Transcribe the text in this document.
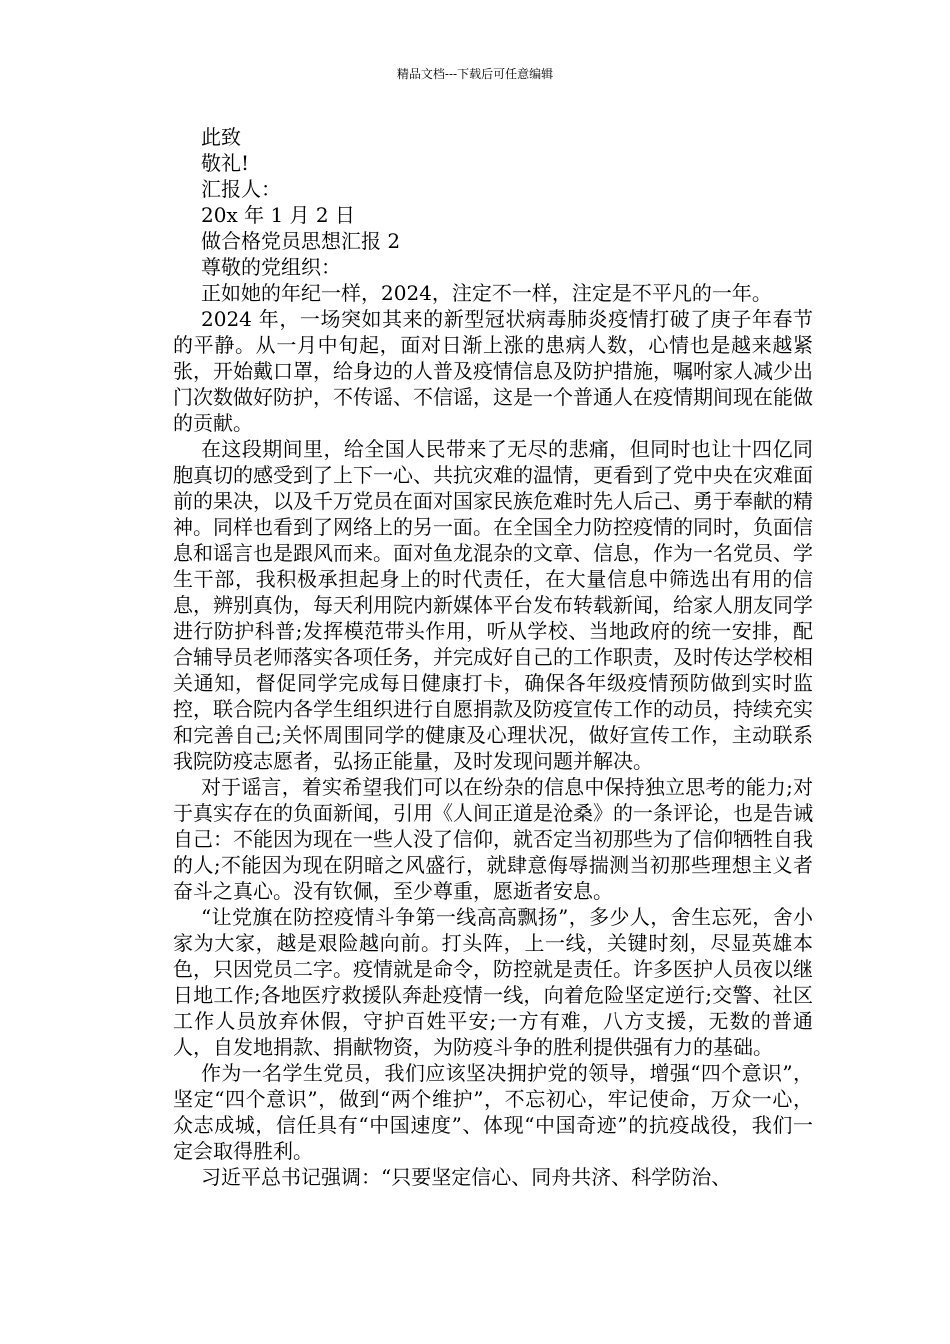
精品文档---下载后可任意编辑

此致

敬礼!

汇报人：

20x 年 1 月 2 日

做合格党员思想汇报 2

尊敬的党组织：

正如她的年纪一样，2024，注定不一样，注定是不平凡的一年。

2024 年，一场突如其来的新型冠状病毒肺炎疫情打破了庚子年春节的平静。从一月中旬起，面对日渐上涨的患病人数，心情也是越来越紧张，开始戴口罩，给身边的人普及疫情信息及防护措施，嘱咐家人减少出门次数做好防护，不传谣、不信谣，这是一个普通人在疫情期间现在能做的贡献。

在这段期间里，给全国人民带来了无尽的悲痛，但同时也让十四亿同胞真切的感受到了上下一心、共抗灾难的温情，更看到了党中央在灾难面前的果决，以及千万党员在面对国家民族危难时先人后己、勇于奉献的精神。同样也看到了网络上的另一面。在全国全力防控疫情的同时，负面信息和谣言也是跟风而来。面对鱼龙混杂的文章、信息，作为一名党员、学生干部，我积极承担起身上的时代责任，在大量信息中筛选出有用的信息，辨别真伪，每天利用院内新媒体平台发布转载新闻，给家人朋友同学进行防护科普;发挥模范带头作用，听从学校、当地政府的统一安排，配合辅导员老师落实各项任务，并完成好自己的工作职责，及时传达学校相关通知，督促同学完成每日健康打卡，确保各年级疫情预防做到实时监控，联合院内各学生组织进行自愿捐款及防疫宣传工作的动员，持续充实和完善自己;关怀周围同学的健康及心理状况，做好宣传工作，主动联系我院防疫志愿者，弘扬正能量，及时发现问题并解决。

对于谣言，着实希望我们可以在纷杂的信息中保持独立思考的能力;对于真实存在的负面新闻，引用《人间正道是沧桑》的一条评论，也是告诫自己：不能因为现在一些人没了信仰，就否定当初那些为了信仰牺牲自我的人;不能因为现在阴暗之风盛行，就肆意侮辱揣测当初那些理想主义者奋斗之真心。没有钦佩，至少尊重，愿逝者安息。

“让党旗在防控疫情斗争第一线高高飘扬”，多少人，舍生忘死，舍小家为大家，越是艰险越向前。打头阵，上一线，关键时刻，尽显英雄本色，只因党员二字。疫情就是命令，防控就是责任。许多医护人员夜以继日地工作;各地医疗救援队奔赴疫情一线，向着危险坚定逆行;交警、社区工作人员放弃休假，守护百姓平安;一方有难，八方支援，无数的普通人，自发地捐款、捐献物资，为防疫斗争的胜利提供强有力的基础。

作为一名学生党员，我们应该坚决拥护党的领导，增强“四个意识”，坚定“四个意识”，做到“两个维护”，不忘初心，牢记使命，万众一心，众志成城，信任具有“中国速度”、体现“中国奇迹”的抗疫战役，我们一定会取得胜利。

习近平总书记强调：“只要坚定信心、同舟共济、科学防治、
